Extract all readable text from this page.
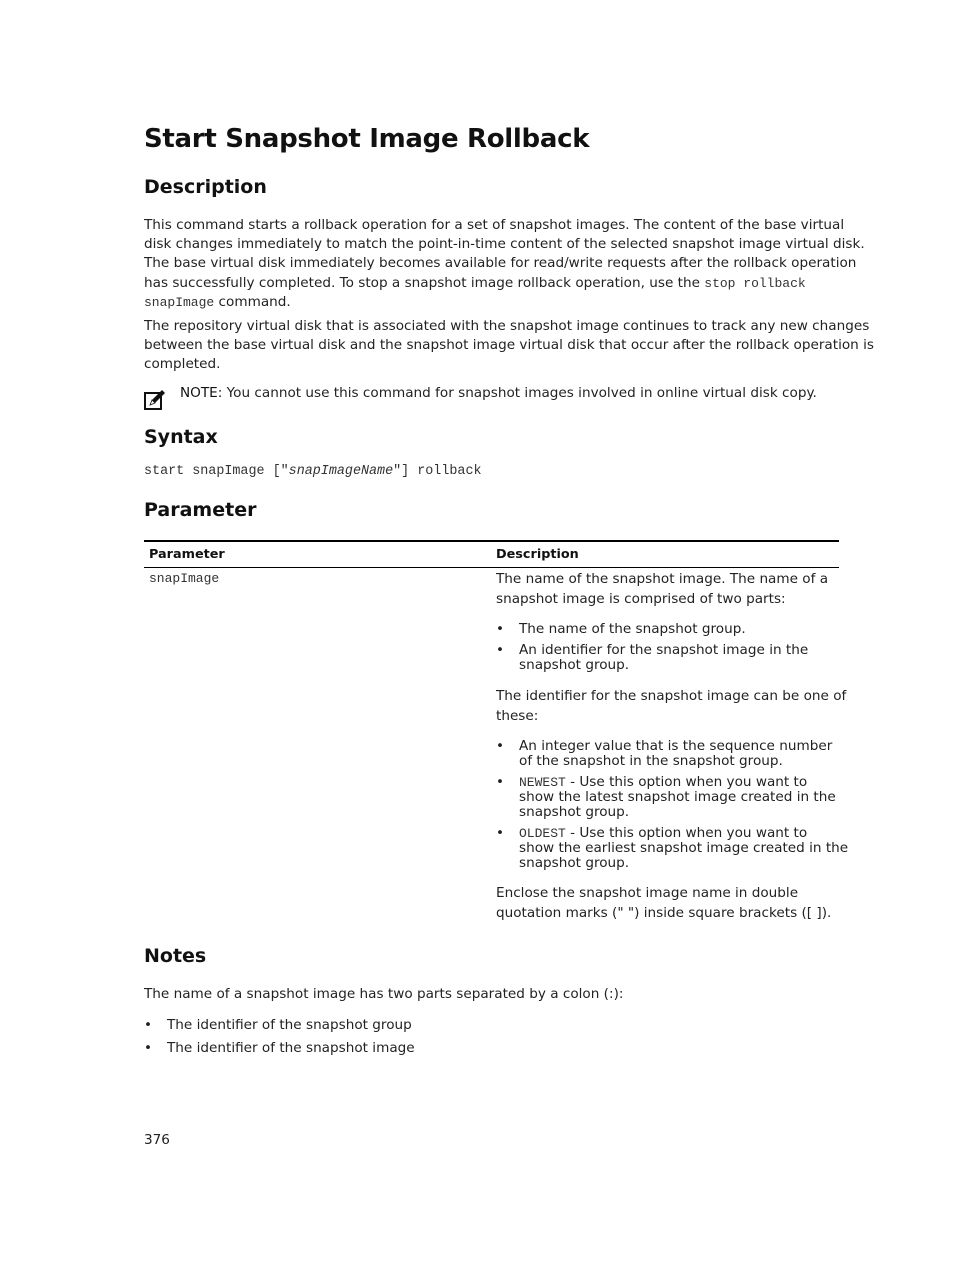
Start Snapshot Image Rollback
Description
This command starts a rollback operation for a set of snapshot images. The content of the base virtual
disk changes immediately to match the point-in-time content of the selected snapshot image virtual disk.
The base virtual disk immediately becomes available for read/write requests after the rollback operation
has successfully completed. To stop a snapshot image rollback operation, use the stop rollback
snapImage command.
The repository virtual disk that is associated with the snapshot image continues to track any new changes
between the base virtual disk and the snapshot image virtual disk that occur after the rollback operation is
completed.
NOTE: You cannot use this command for snapshot images involved in online virtual disk copy.
Syntax
start snapImage ["snapImageName"] rollback
Parameter
Parameter	Description
snapImage	The name of the snapshot image. The name of a
snapshot image is comprised of two parts:
• The name of the snapshot group.
• An identifier for the snapshot image in the
snapshot group.
The identifier for the snapshot image can be one of
these:
• An integer value that is the sequence number
of the snapshot in the snapshot group.
• NEWEST - Use this option when you want to
show the latest snapshot image created in the
snapshot group.
• OLDEST - Use this option when you want to
show the earliest snapshot image created in the
snapshot group.
Enclose the snapshot image name in double
quotation marks (" ") inside square brackets ([ ]).
Notes
The name of a snapshot image has two parts separated by a colon (:):
• The identifier of the snapshot group
• The identifier of the snapshot image
376
